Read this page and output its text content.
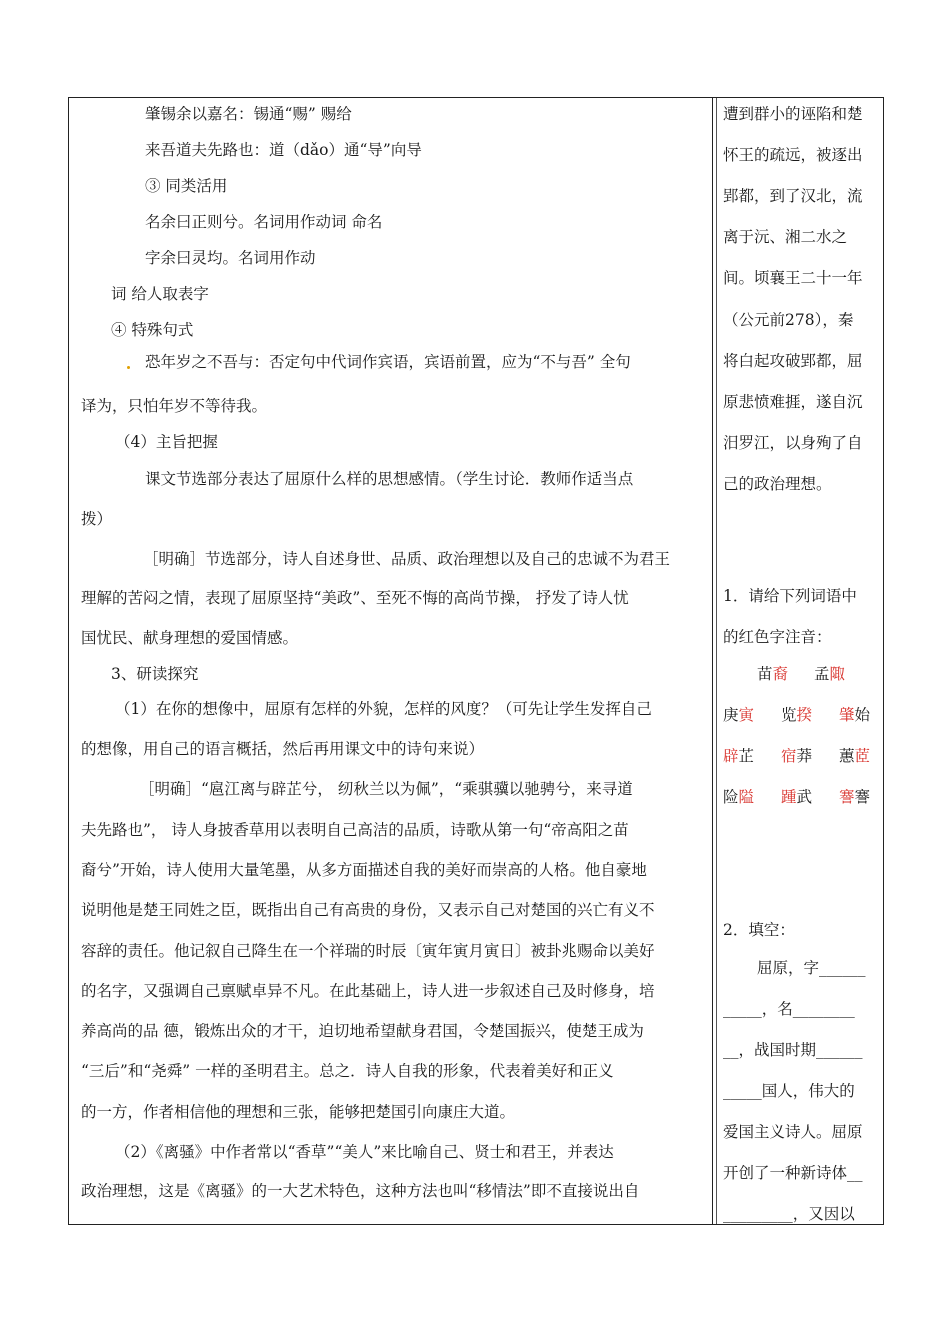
肇锡余以嘉名：锡通“赐” 赐给
来吾道夫先路也：道（dǎo）通“导”向导
③ 同类活用
名余曰正则兮。名词用作动词 命名
字余曰灵均。名词用作动
词 给人取表字
④ 特殊句式
恐年岁之不吾与：否定句中代词作宾语，宾语前置，应为“不与吾” 全句
译为，只怕年岁不等待我。
（4）主旨把握
课文节选部分表达了屈原什么样的思想感情。（学生讨论．教师作适当点
拨）
［明确］节选部分，诗人自述身世、品质、政治理想以及自己的忠诚不为君王
理解的苦闷之情，表现了屈原坚持“美政”、至死不悔的高尚节操， 抒发了诗人忧
国忧民、献身理想的爱国情感。
3、研读探究
（1）在你的想像中，屈原有怎样的外貌，怎样的风度？（可先让学生发挥自己
的想像，用自己的语言概括，然后再用课文中的诗句来说）
［明确］“扈江离与辟芷兮， 纫秋兰以为佩”，“乘骐骥以驰骋兮，来寻道
夫先路也”， 诗人身披香草用以表明自己高洁的品质，诗歌从第一句“帝高阳之苗
裔兮”开始，诗人使用大量笔墨，从多方面描述自我的美好而崇高的人格。他自豪地
说明他是楚王同姓之臣，既指出自己有高贵的身份，又表示自己对楚国的兴亡有义不
容辞的责任。他记叙自己降生在一个祥瑞的时辰〔寅年寅月寅日〕被卦兆赐命以美好
的名字，又强调自己禀赋卓异不凡。在此基础上，诗人进一步叙述自己及时修身，培
养高尚的品 德，锻炼出众的才干，迫切地希望献身君国，令楚国振兴，使楚王成为
“三后”和“尧舜” 一样的圣明君主。总之．诗人自我的形象，代表着美好和正义
的一方，作者相信他的理想和三张，能够把楚国引向康庄大道。
（2）《离骚》中作者常以“香草”“美人”来比喻自己、贤士和君王，并表达
政治理想，这是《离骚》的一大艺术特色，这种方法也叫“移情法”即不直接说出自
遭到群小的诬陷和楚
怀王的疏远，被逐出
郢都，到了汉北，流
离于沅、湘二水之
间。顷襄王二十一年
（公元前278），秦
将白起攻破郢都，屈
原悲愤难捱，遂自沉
汨罗江，以身殉了自
己的政治理想。
1．请给下列词语中
的红色字注音：
苗裔 孟陬
庚寅 览揆 肇始
辟芷 宿莽 蕙茝
险隘 踵武 謇謇
2．填空：
屈原，字______
_____，名________
__，战国时期______
_____国人，伟大的
爱国主义诗人。屈原
开创了一种新诗体__
_________，又因以
